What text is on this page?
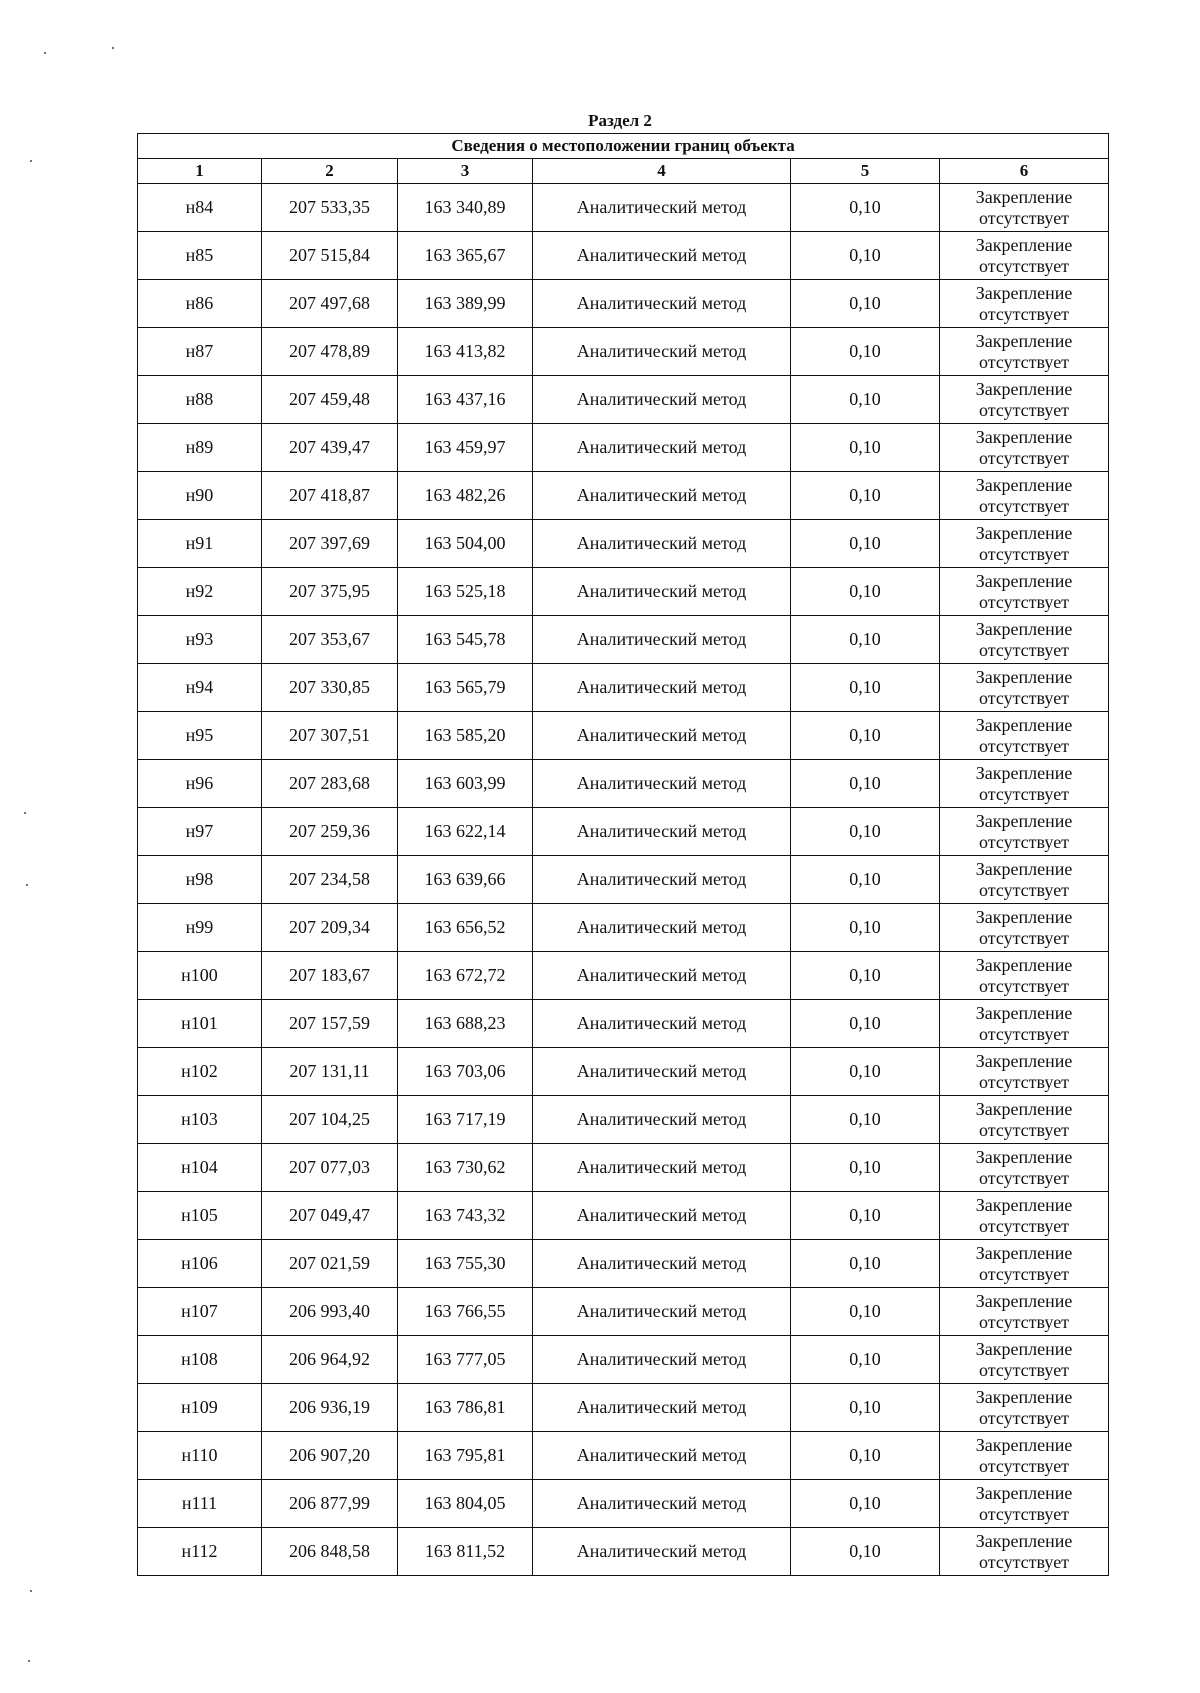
Раздел 2
Сведения о местоположении границ объекта					
1	2	3	4	5	6
н84	207 533,35	163 340,89	Аналитический метод	0,10	Закрепление
отсутствует

н85	207 515,84	163 365,67	Аналитический метод	0,10	Закрепление
отсутствует

н86	207 497,68	163 389,99	Аналитический метод	0,10	Закрепление
отсутствует

н87	207 478,89	163 413,82	Аналитический метод	0,10	Закрепление
отсутствует

н88	207 459,48	163 437,16	Аналитический метод	0,10	Закрепление
отсутствует

н89	207 439,47	163 459,97	Аналитический метод	0,10	Закрепление
отсутствует

н90	207 418,87	163 482,26	Аналитический метод	0,10	Закрепление
отсутствует

н91	207 397,69	163 504,00	Аналитический метод	0,10	Закрепление
отсутствует

н92	207 375,95	163 525,18	Аналитический метод	0,10	Закрепление
отсутствует

н93	207 353,67	163 545,78	Аналитический метод	0,10	Закрепление
отсутствует

н94	207 330,85	163 565,79	Аналитический метод	0,10	Закрепление
отсутствует

н95	207 307,51	163 585,20	Аналитический метод	0,10	Закрепление
отсутствует

н96	207 283,68	163 603,99	Аналитический метод	0,10	Закрепление
отсутствует

н97	207 259,36	163 622,14	Аналитический метод	0,10	Закрепление
отсутствует

н98	207 234,58	163 639,66	Аналитический метод	0,10	Закрепление
отсутствует

н99	207 209,34	163 656,52	Аналитический метод	0,10	Закрепление
отсутствует

н100	207 183,67	163 672,72	Аналитический метод	0,10	Закрепление
отсутствует

н101	207 157,59	163 688,23	Аналитический метод	0,10	Закрепление
отсутствует

н102	207 131,11	163 703,06	Аналитический метод	0,10	Закрепление
отсутствует

н103	207 104,25	163 717,19	Аналитический метод	0,10	Закрепление
отсутствует

н104	207 077,03	163 730,62	Аналитический метод	0,10	Закрепление
отсутствует

н105	207 049,47	163 743,32	Аналитический метод	0,10	Закрепление
отсутствует

н106	207 021,59	163 755,30	Аналитический метод	0,10	Закрепление
отсутствует

н107	206 993,40	163 766,55	Аналитический метод	0,10	Закрепление
отсутствует

н108	206 964,92	163 777,05	Аналитический метод	0,10	Закрепление
отсутствует

н109	206 936,19	163 786,81	Аналитический метод	0,10	Закрепление
отсутствует

н110	206 907,20	163 795,81	Аналитический метод	0,10	Закрепление
отсутствует

н111	206 877,99	163 804,05	Аналитический метод	0,10	Закрепление
отсутствует

н112	206 848,58	163 811,52	Аналитический метод	0,10	Закрепление
отсутствует
